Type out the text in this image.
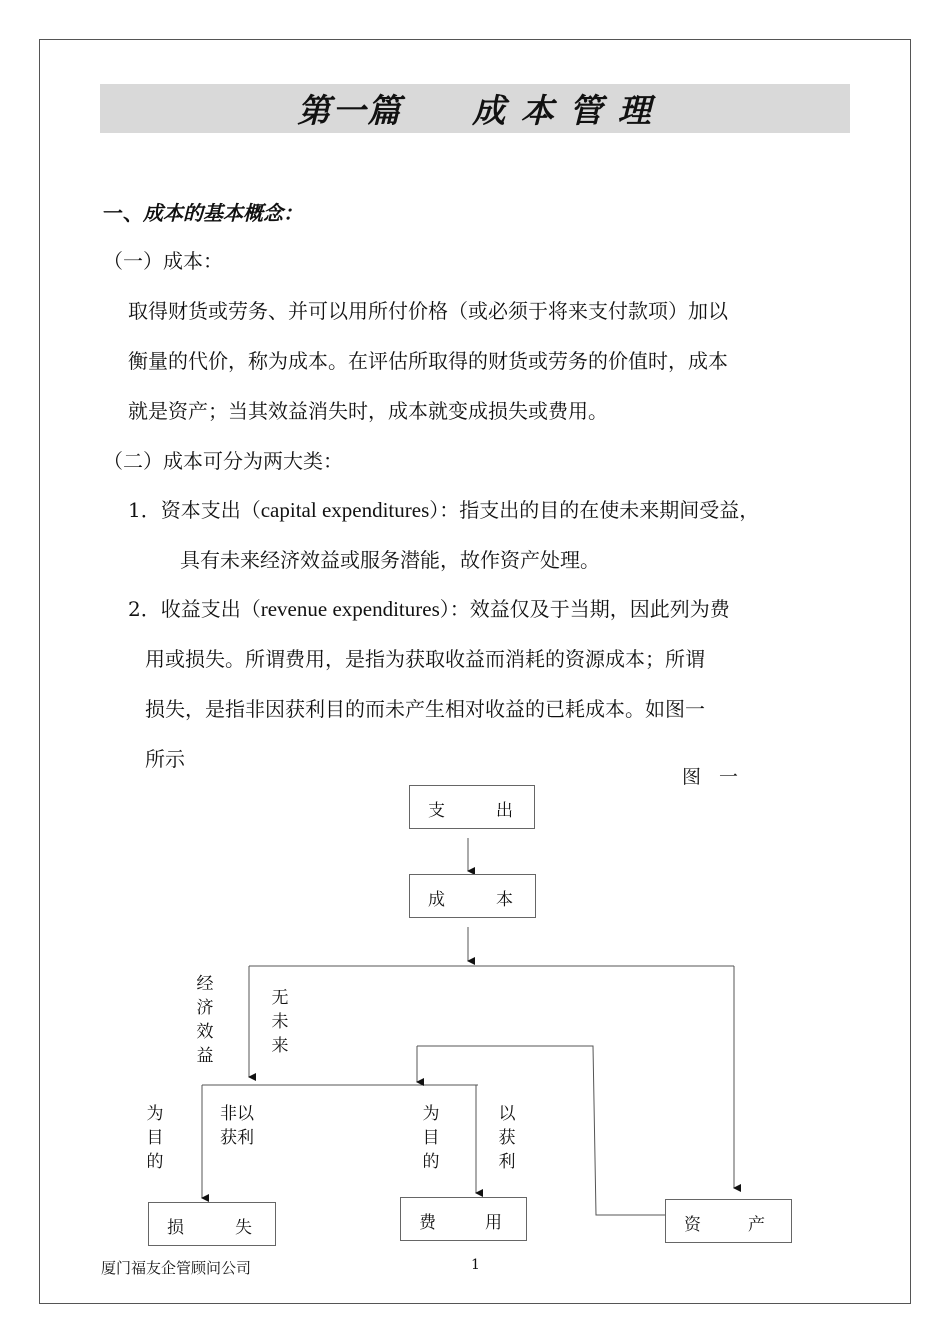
第一篇　　成 本 管 理
一、成本的基本概念：
（一）成本：
取得财货或劳务、并可以用所付价格（或必须于将来支付款项）加以
衡量的代价，称为成本。在评估所取得的财货或劳务的价值时，成本
就是资产；当其效益消失时，成本就变成损失或费用。
（二）成本可分为两大类：
1．资本支出（capital expenditures）：指支出的目的在使未来期间受益，
具有未来经济效益或服务潜能，故作资产处理。
2．收益支出（revenue expenditures）：效益仅及于当期，因此列为费
用或损失。所谓费用，是指为获取收益而消耗的资源成本；所谓
损失，是指非因获利目的而未产生相对收益的已耗成本。如图一
所示
图一
支	出
成	本
损	失	费	用	资	产
经济效益
无未来
为目的
非以获利
为目的
以获利
厦门福友企管顾问公司	1
